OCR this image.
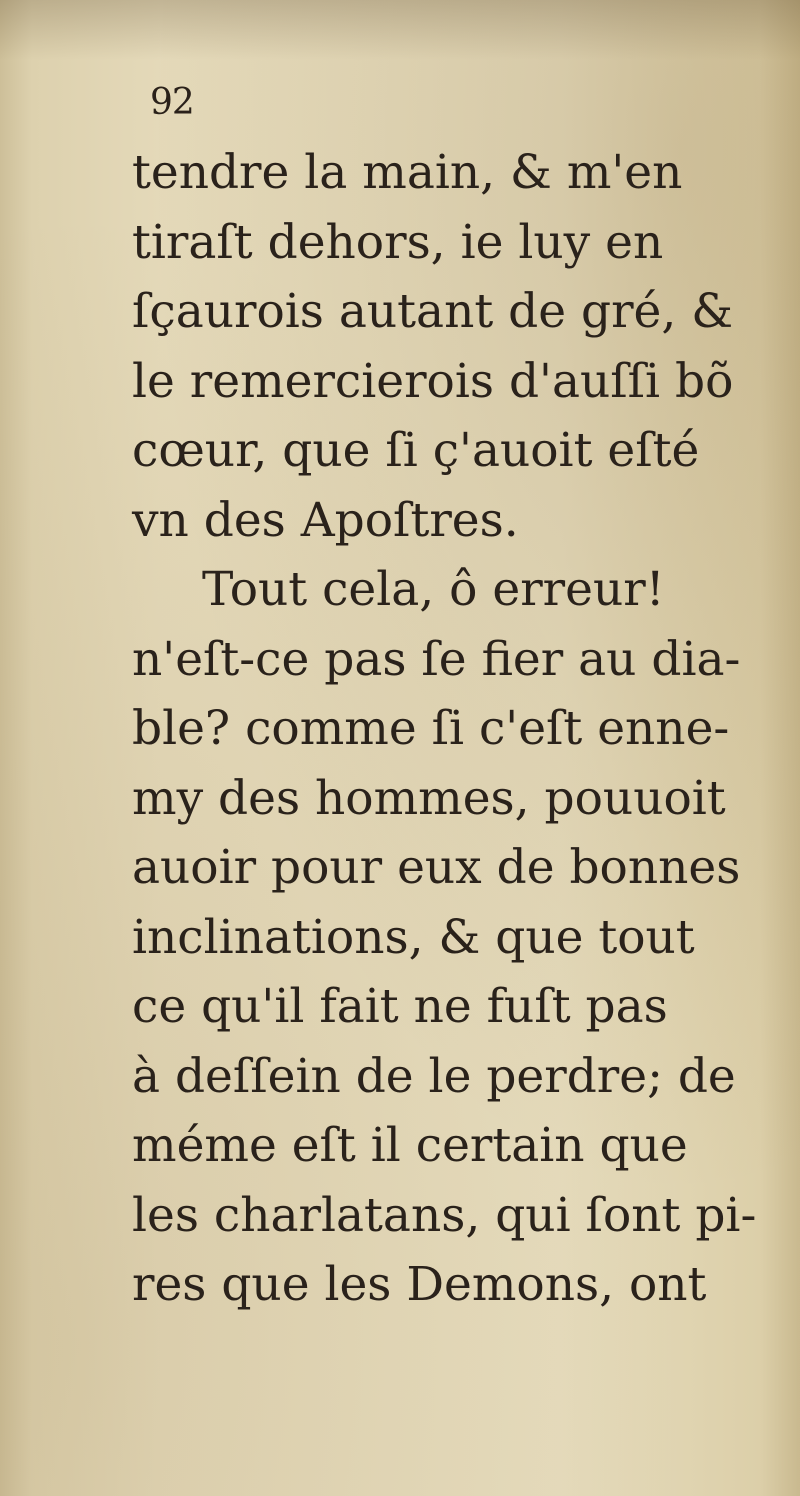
92
tendre la main, & m'en
tiraſt dehors, ie luy en
ſçaurois autant de gré, &
le remercierois d'auſſi bõ
cœur, que ſi ç'auoit eſté
vn des Apoſtres.
Tout cela, ô erreur!
n'eſt-ce pas ſe fier au dia-
ble? comme ſi c'eſt enne-
my des hommes, pouuoit
auoir pour eux de bonnes
inclinations, & que tout
ce qu'il fait ne fuſt pas
à deſſein de le perdre; de
méme eſt il certain que
les charlatans, qui ſont pi-
res que les Demons, ont
